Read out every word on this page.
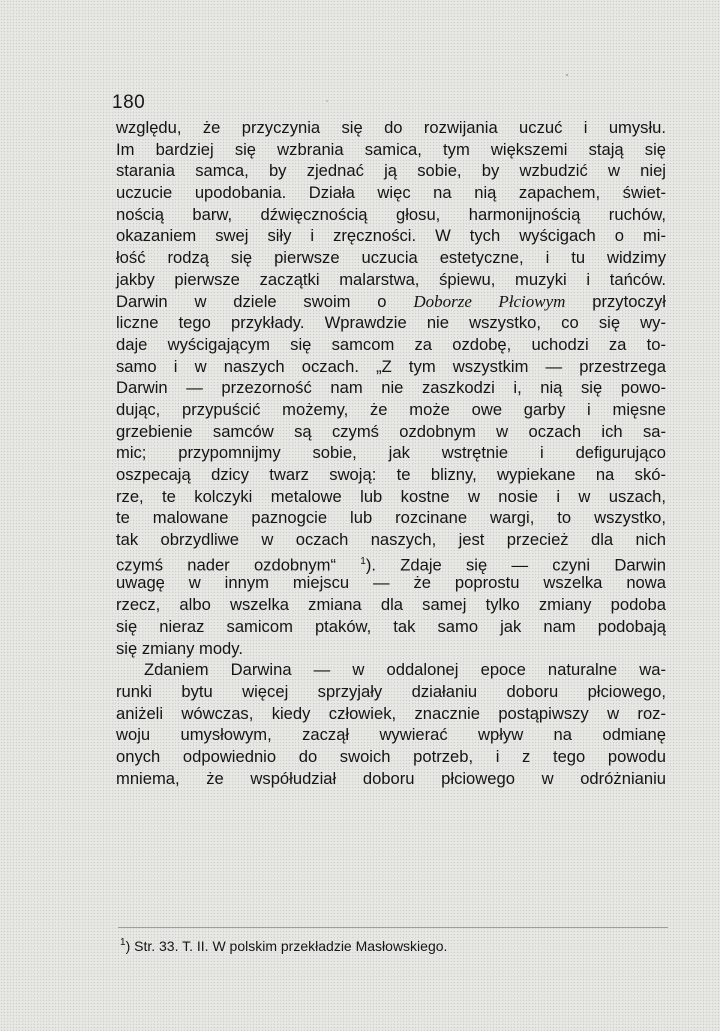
180
względu, że przyczynia się do rozwijania uczuć i umysłu.
Im bardziej się wzbrania samica, tym większemi stają się
starania samca, by zjednać ją sobie, by wzbudzić w niej
uczucie upodobania. Działa więc na nią zapachem, świet-
nością barw, dźwięcznością głosu, harmonijnością ruchów,
okazaniem swej siły i zręczności. W tych wyścigach o mi-
łość rodzą się pierwsze uczucia estetyczne, i tu widzimy
jakby pierwsze zaczątki malarstwa, śpiewu, muzyki i tańców.
Darwin w dziele swoim o Doborze Płciowym przytoczył
liczne tego przykłady. Wprawdzie nie wszystko, co się wy-
daje wyścigającym się samcom za ozdobę, uchodzi za to-
samo i w naszych oczach. „Z tym wszystkim — przestrzega
Darwin — przezorność nam nie zaszkodzi i, nią się powo-
dując, przypuścić możemy, że może owe garby i mięsne
grzebienie samców są czymś ozdobnym w oczach ich sa-
mic; przypomnijmy sobie, jak wstrętnie i defigurująco
oszpecają dzicy twarz swoją: te blizny, wypiekane na skó-
rze, te kolczyki metalowe lub kostne w nosie i w uszach,
te malowane paznogcie lub rozcinane wargi, to wszystko,
tak obrzydliwe w oczach naszych, jest przecież dla nich
czymś nader ozdobnym“ $^1$). Zdaje się — czyni Darwin
uwagę w innym miejscu — że poprostu wszelka nowa
rzecz, albo wszelka zmiana dla samej tylko zmiany podoba
się nieraz samicom ptaków, tak samo jak nam podobają
się zmiany mody.
Zdaniem Darwina — w oddalonej epoce naturalne wa-
runki bytu więcej sprzyjały działaniu doboru płciowego,
aniżeli wówczas, kiedy człowiek, znacznie postąpiwszy w roz-
woju umysłowym, zaczął wywierać wpływ na odmianę
onych odpowiednio do swoich potrzeb, i z tego powodu
mniema, że współudział doboru płciowego w odróżnianiu
$^1$) Str. 33. T. II. W polskim przekładzie Masłowskiego.
